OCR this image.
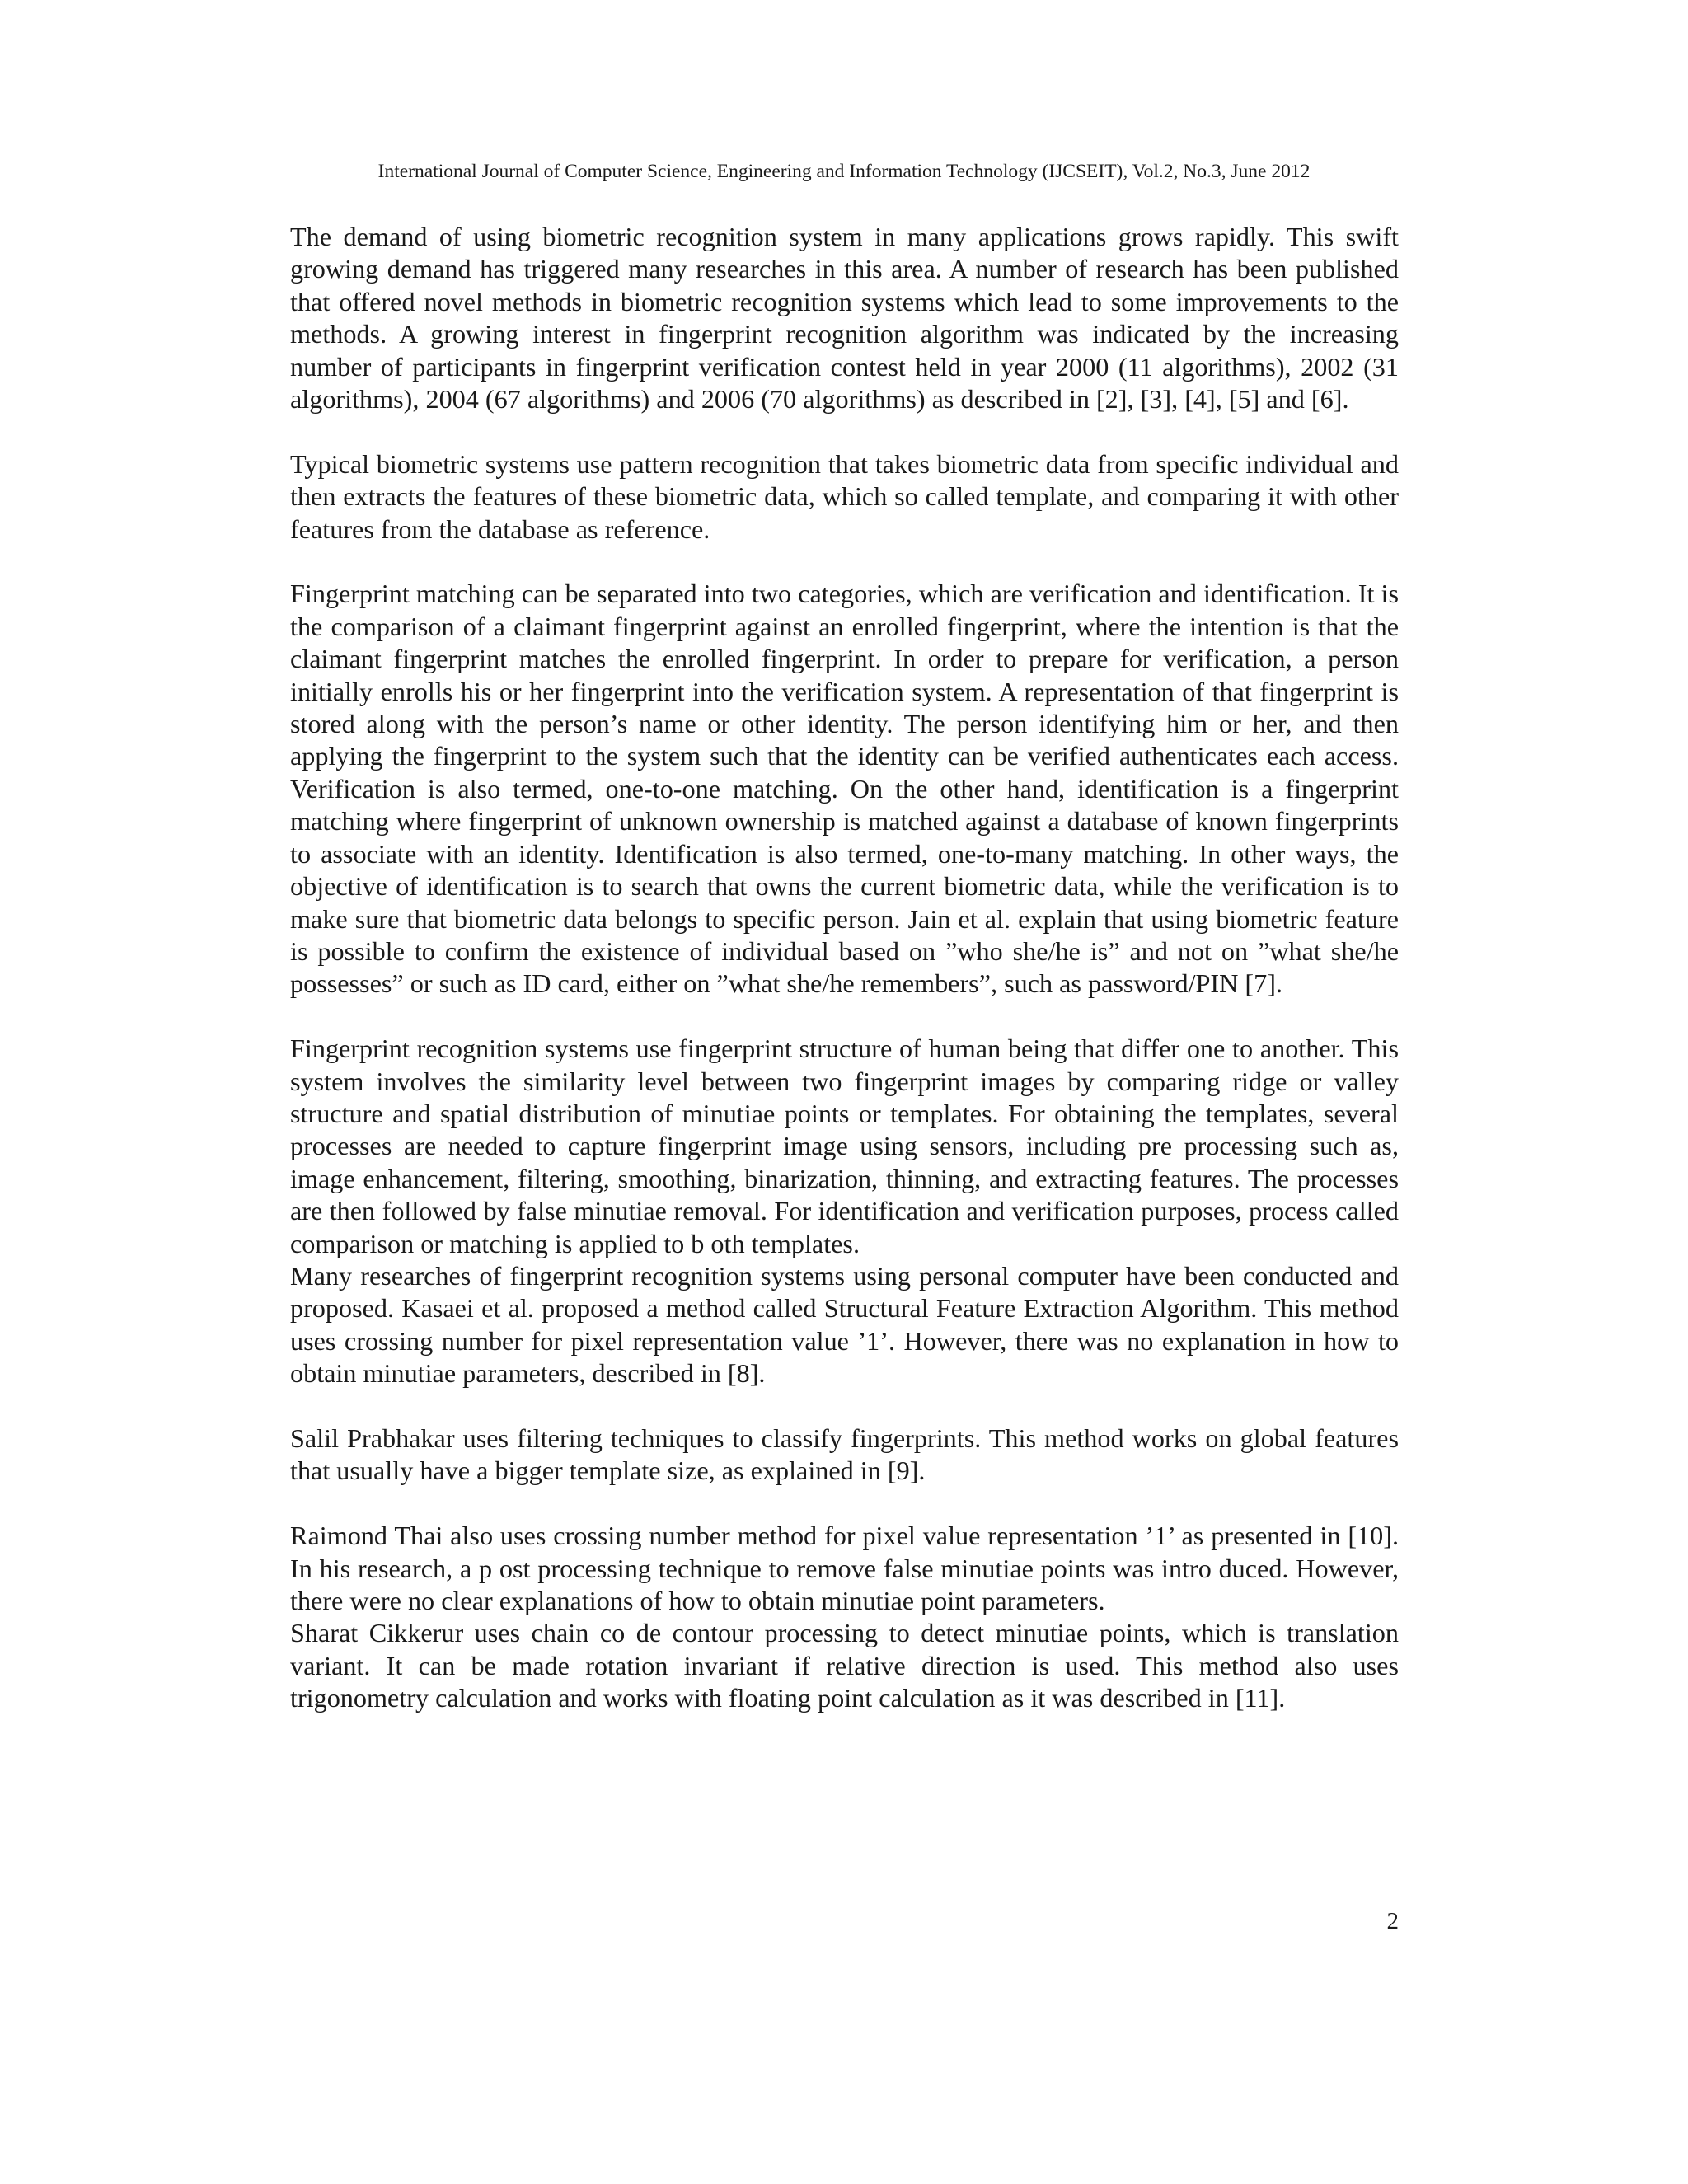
International Journal of Computer Science, Engineering and Information Technology (IJCSEIT), Vol.2, No.3, June 2012

The demand of using biometric recognition system in many applications grows rapidly. This swift growing demand has triggered many researches in this area. A number of research has been published that offered novel methods in biometric recognition systems which lead to some improvements to the methods. A growing interest in fingerprint recognition algorithm was indicated by the increasing number of participants in fingerprint verification contest held in year 2000 (11 algorithms), 2002 (31 algorithms), 2004 (67 algorithms) and 2006 (70 algorithms) as described in [2], [3], [4], [5] and [6].

Typical biometric systems use pattern recognition that takes biometric data from specific individual and then extracts the features of these biometric data, which so called template, and comparing it with other features from the database as reference.

Fingerprint matching can be separated into two categories, which are verification and identification. It is the comparison of a claimant fingerprint against an enrolled fingerprint, where the intention is that the claimant fingerprint matches the enrolled fingerprint. In order to prepare for verification, a person initially enrolls his or her fingerprint into the verification system. A representation of that fingerprint is stored along with the person’s name or other identity. The person identifying him or her, and then applying the fingerprint to the system such that the identity can be verified authenticates each access. Verification is also termed, one-to-one matching. On the other hand, identification is a fingerprint matching where fingerprint of unknown ownership is matched against a database of known fingerprints to associate with an identity. Identification is also termed, one-to-many matching. In other ways, the objective of identification is to search that owns the current biometric data, while the verification is to make sure that biometric data belongs to specific person. Jain et al. explain that using biometric feature is possible to confirm the existence of individual based on ”who she/he is” and not on ”what she/he possesses” or such as ID card, either on ”what she/he remembers”, such as password/PIN [7].

Fingerprint recognition systems use fingerprint structure of human being that differ one to another. This system involves the similarity level between two fingerprint images by comparing ridge or valley structure and spatial distribution of minutiae points or templates. For obtaining the templates, several processes are needed to capture fingerprint image using sensors, including pre processing such as, image enhancement, filtering, smoothing, binarization, thinning, and extracting features. The processes are then followed by false minutiae removal. For identification and verification purposes, process called comparison or matching is applied to b oth templates.

Many researches of fingerprint recognition systems using personal computer have been conducted and proposed. Kasaei et al. proposed a method called Structural Feature Extraction Algorithm. This method uses crossing number for pixel representation value ’1’. However, there was no explanation in how to obtain minutiae parameters, described in [8].

Salil Prabhakar uses filtering techniques to classify fingerprints. This method works on global features that usually have a bigger template size, as explained in [9].

Raimond Thai also uses crossing number method for pixel value representation ’1’ as presented in [10]. In his research, a p ost processing technique to remove false minutiae points was intro duced. However, there were no clear explanations of how to obtain minutiae point parameters.

Sharat Cikkerur uses chain co de contour processing to detect minutiae points, which is translation variant. It can be made rotation invariant if relative direction is used. This method also uses trigonometry calculation and works with floating point calculation as it was described in [11].

2
